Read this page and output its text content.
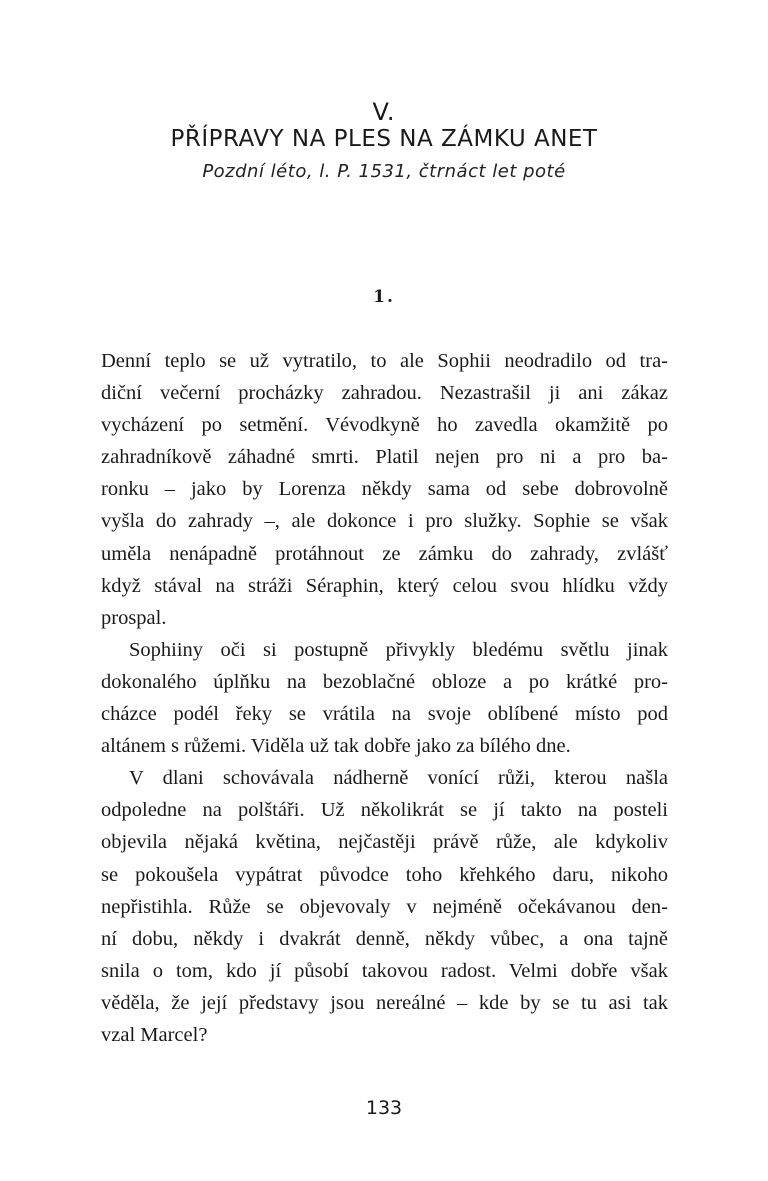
V.
PŘÍPRAVY NA PLES NA ZÁMKU ANET
Pozdní léto, l. P. 1531, čtrnáct let poté
1.
Denní teplo se už vytratilo, to ale Sophii neodradilo od tra-
diční večerní procházky zahradou. Nezastrašil ji ani zákaz
vycházení po setmění. Vévodkyně ho zavedla okamžitě po
zahradníkově záhadné smrti. Platil nejen pro ni a pro ba-
ronku – jako by Lorenza někdy sama od sebe dobrovolně
vyšla do zahrady –, ale dokonce i pro služky. Sophie se však
uměla nenápadně protáhnout ze zámku do zahrady, zvlášť
když stával na stráži Séraphin, který celou svou hlídku vždy
prospal.
Sophiiny oči si postupně přivykly bledému světlu jinak
dokonalého úplňku na bezoblačné obloze a po krátké pro-
cházce podél řeky se vrátila na svoje oblíbené místo pod
altánem s růžemi. Viděla už tak dobře jako za bílého dne.
V dlani schovávala nádherně vonící růži, kterou našla
odpoledne na polštáři. Už několikrát se jí takto na posteli
objevila nějaká květina, nejčastěji právě růže, ale kdykoliv
se pokoušela vypátrat původce toho křehkého daru, nikoho
nepřistihla. Růže se objevovaly v nejméně očekávanou den-
ní dobu, někdy i dvakrát denně, někdy vůbec, a ona tajně
snila o tom, kdo jí působí takovou radost. Velmi dobře však
věděla, že její představy jsou nereálné – kde by se tu asi tak
vzal Marcel?
133
